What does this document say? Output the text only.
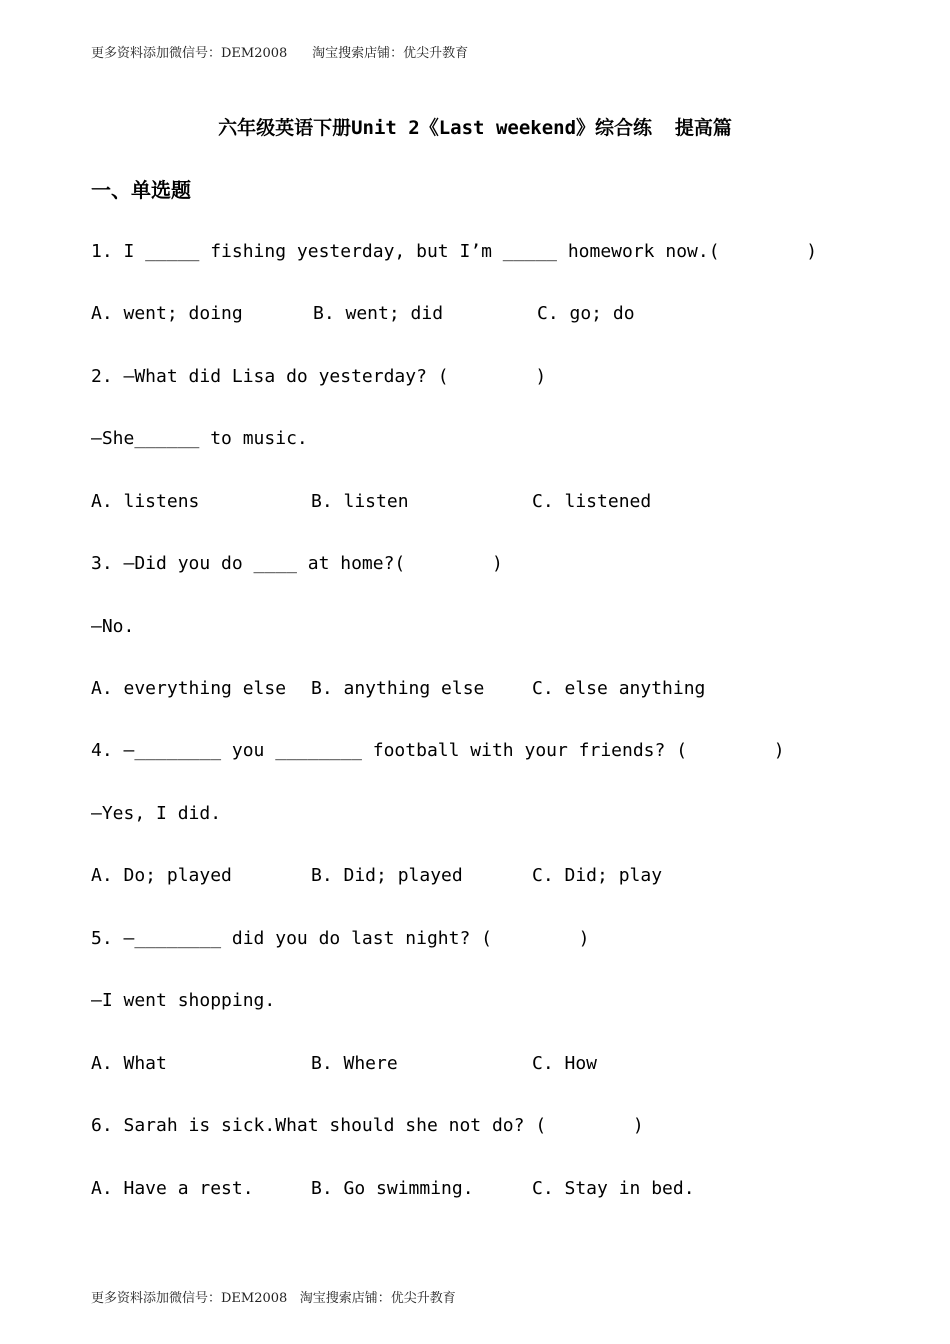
更多资料添加微信号：DEM2008      淘宝搜索店铺：优尖升教育
六年级英语下册Unit 2《Last weekend》综合练  提高篇
一、单选题
1. I _____ fishing yesterday, but I’m _____ homework now.(        )
A. went; doing	B. went; did	C. go; do
2. —What did Lisa do yesterday? (        )
—She______ to music.
A. listens	B. listen	C. listened
3. —Did you do ____ at home?(        )
—No.
A. everything else B. anything else	C. else anything
4. —________ you ________ football with your friends? (        )
—Yes, I did.
A. Do; played	B. Did; played	C. Did; play
5. —________ did you do last night? (        )
—I went shopping.
A. What	B. Where	C. How
6. Sarah is sick.What should she not do? (        )
A. Have a rest.	B. Go swimming.	C. Stay in bed.
更多资料添加微信号：DEM2008   淘宝搜索店铺：优尖升教育
